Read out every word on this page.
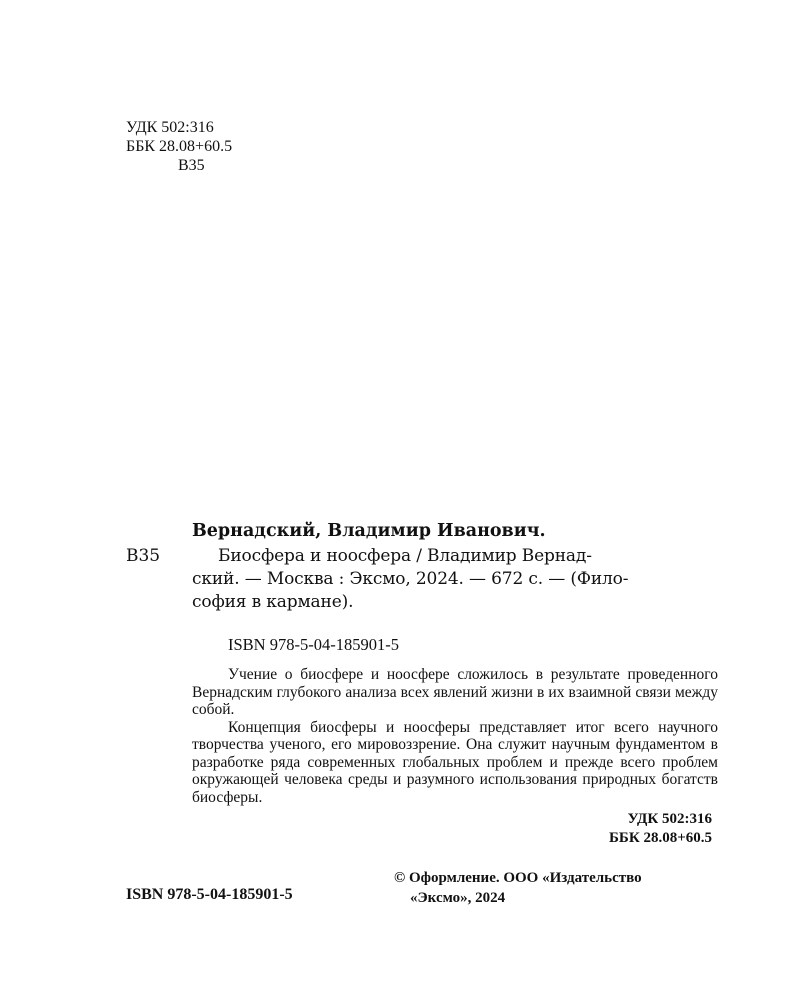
УДК 502:316
ББК 28.08+60.5
В35
В35
Вернадский, Владимир Иванович.
Биосфера и ноосфера / Владимир Вернад-
ский. — Москва : Эксмо, 2024. — 672 с. — (Фило-
софия в кармане).
ISBN 978-5-04-185901-5

Учение о биосфере и ноосфере сложилось в результате проведенного Вернадским глубокого анализа всех явлений жизни в их взаимной связи между собой.

Концепция биосферы и ноосферы представляет итог всего научного творчества ученого, его мировоззрение. Она служит научным фундаментом в разработке ряда современных глобальных проблем и прежде всего проблем окружающей человека среды и разумного использования природных богатств биосферы.

УДК 502:316
ББК 28.08+60.5
ISBN 978-5-04-185901-5
© Оформление. ООО «Издательство
«Эксмо», 2024
